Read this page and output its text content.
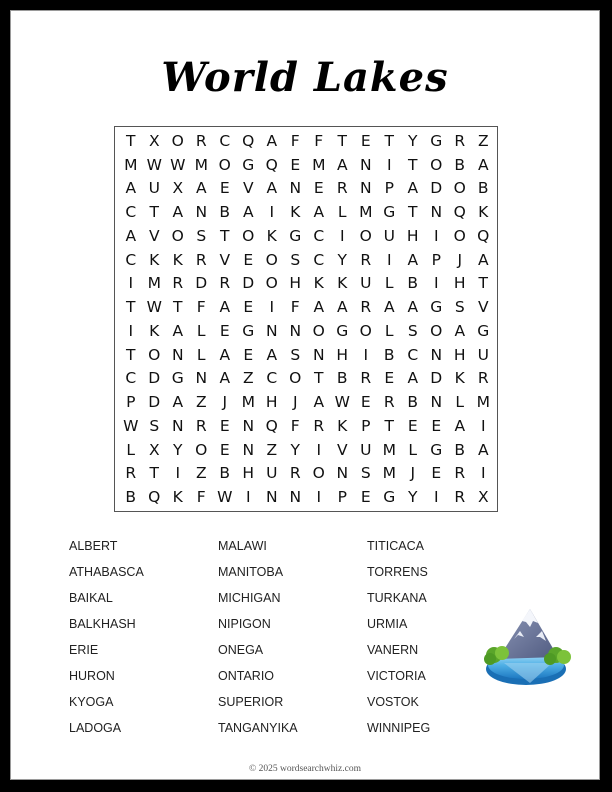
World Lakes
T X O R C Q A F F T E T Y G R Z
M W W M O G Q E M A N I	T O B A
A U X A E V A N E R N P A D O B
C T A N B A	I	K A L M G T N Q K
A V O S T O K G C	I O U H I O Q
C K K R V E O S C Y R	I	A P	J	A
I M R D R D O H K K U L B	I H T
T W T F A E	I	F A A R A A G S V
I	K A L E G N N O G O L S O A G
T O N L A E A S N H I	B C N H U
C D G N A Z C O T B R E A D K R
P D A Z	J M H J	A W E R B N L M
W S N R E N Q F R K P T E E A	I
L X Y O E N Z Y	I	V U M L G B A
R T	I	Z B H U R O N S M J	E R	I
B Q K F W I N N I	P E G Y	I	R X
ALBERT
ATHABASCA
BAIKAL
BALKHASH
ERIE
HURON
KYOGA
LADOGA
MALAWI
MANITOBA
MICHIGAN
NIPIGON
ONEGA
ONTARIO
SUPERIOR
TANGANYIKA
TITICACA
TORRENS
TURKANA
URMIA
VANERN
VICTORIA
VOSTOK
WINNIPEG
© 2025 wordsearchwhiz.com
